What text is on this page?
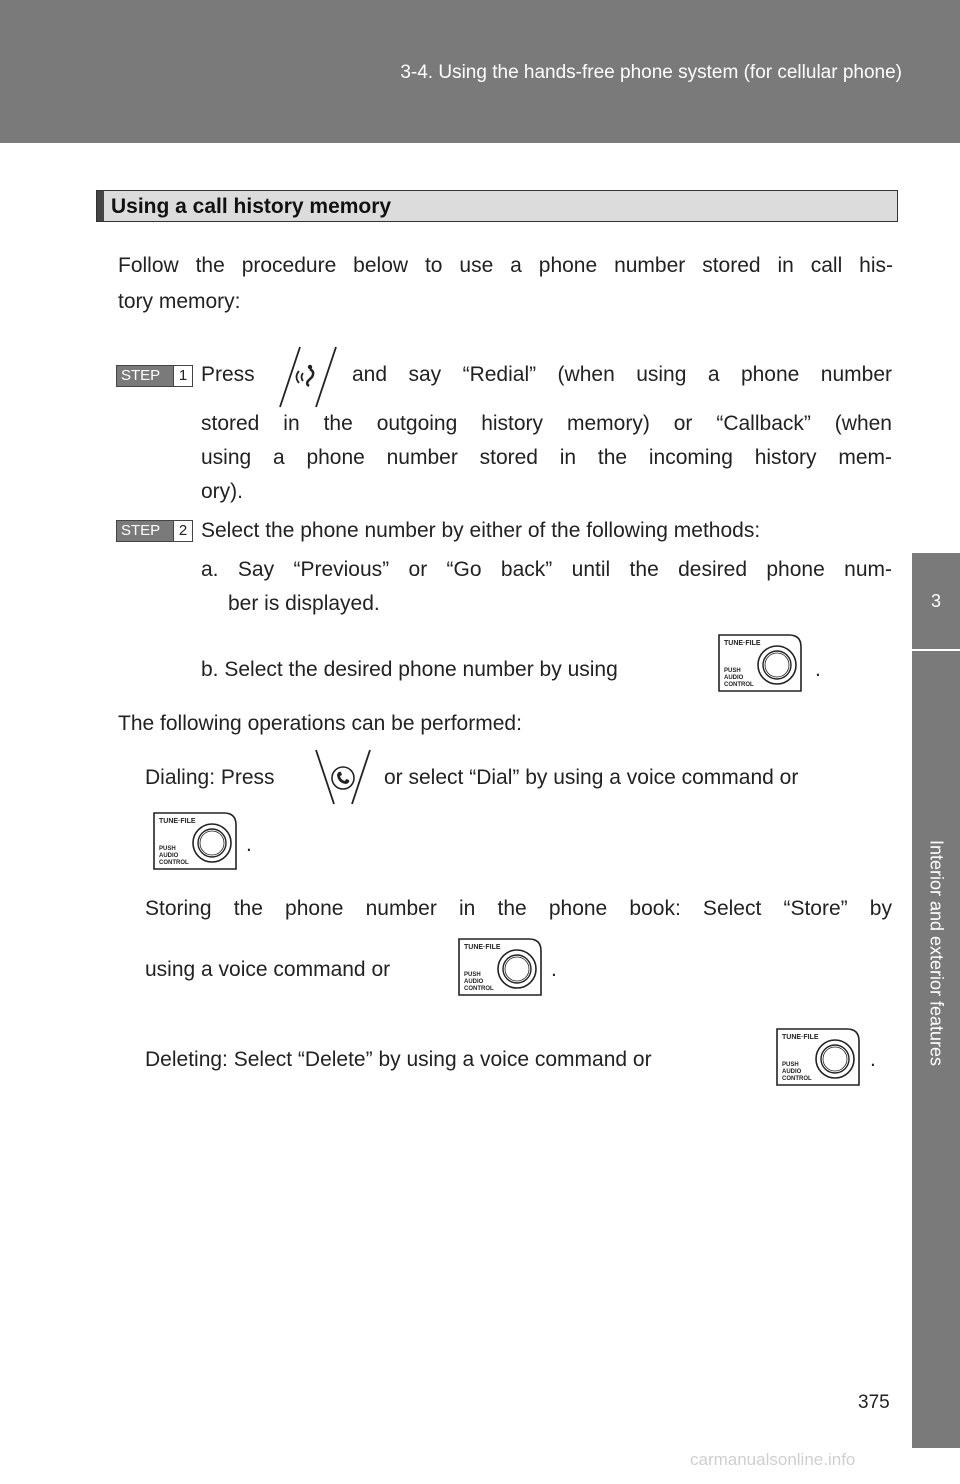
3-4. Using the hands-free phone system (for cellular phone)
3
Interior and exterior features
Using a call history memory
Follow the procedure below to use a phone number stored in call his-
tory memory:
STEP	1 Press	and say “Redial” (when using a phone number
stored in the outgoing history memory) or “Callback” (when
using a phone number stored in the incoming history mem-
ory).
STEP	2 Select the phone number by either of the following methods:
a. Say “Previous” or “Go back” until the desired phone num-
ber is displayed.
b. Select the desired phone number by using
TUNE·FILE
PUSH
AUDIO
CONTROL
.
The following operations can be performed:
Dialing: Press	or select “Dial” by using a voice command or
TUNE·FILE
PUSH
AUDIO
CONTROL
.
Storing the phone number in the phone book: Select “Store” by
using a voice command or
TUNE·FILE
PUSH
AUDIO
CONTROL
.
Deleting: Select “Delete” by using a voice command or
TUNE·FILE
PUSH
AUDIO
CONTROL
.
375
carmanualsonline.info
